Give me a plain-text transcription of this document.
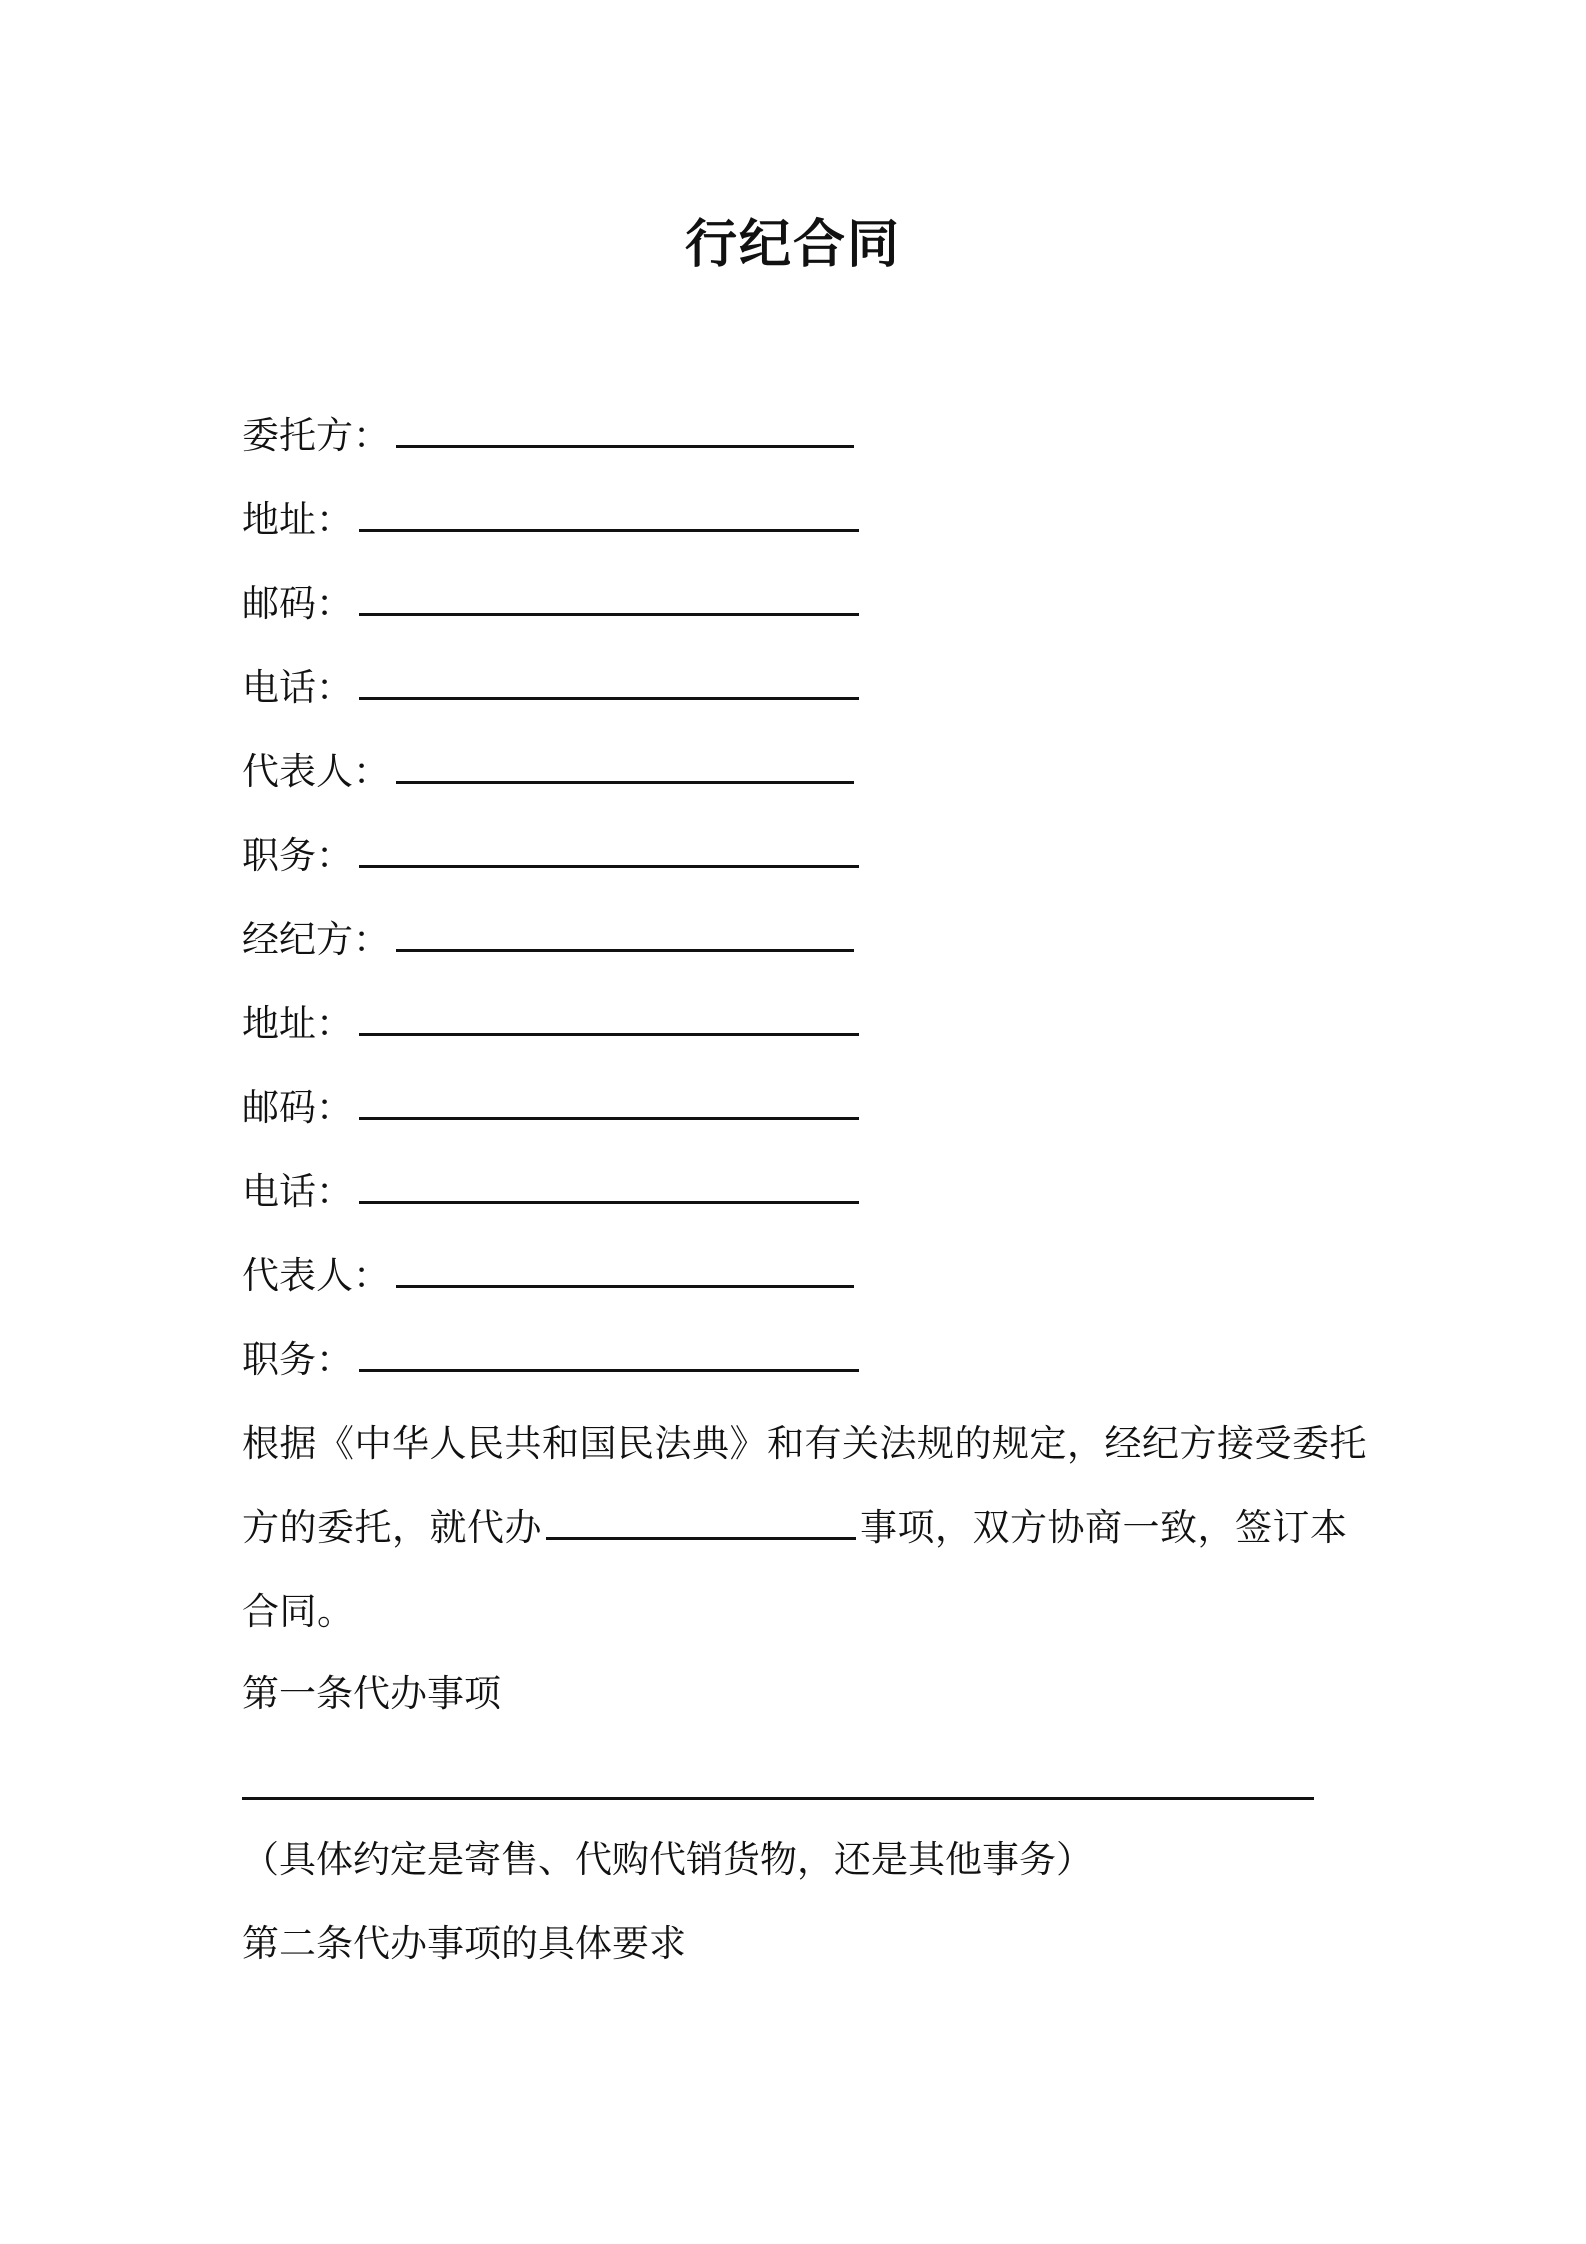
行纪合同
委托方：
地址：
邮码：
电话：
代表人：
职务：
经纪方：
地址：
邮码：
电话：
代表人：
职务：
根据《中华人民共和国民法典》和有关法规的规定，经纪方接受委托
方的委托，就代办	事项，双方协商一致，签订本
合同。
第一条代办事项
（具体约定是寄售、代购代销货物，还是其他事务）
第二条代办事项的具体要求
